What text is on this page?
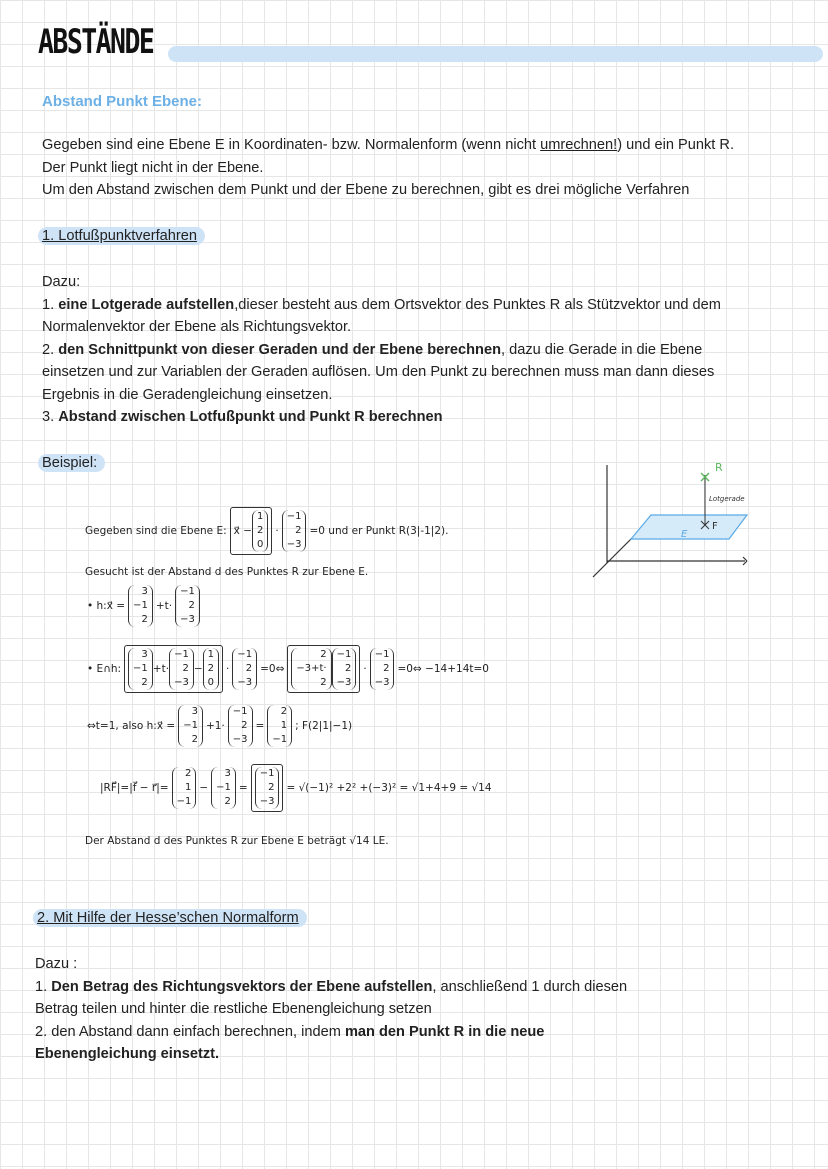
ABSTÄNDE
Abstand Punkt Ebene:
Gegeben sind eine Ebene E in Koordinaten- bzw. Normalenform (wenn nicht umrechnen!) und ein Punkt R.
Der Punkt liegt nicht in der Ebene.
Um den Abstand zwischen dem Punkt und der Ebene zu berechnen, gibt es drei mögliche Verfahren
1. Lotfußpunktverfahren
Dazu:
1. eine Lotgerade aufstellen,dieser besteht aus dem Ortsvektor des Punktes R als Stützvektor und dem
Normalenvektor der Ebene als Richtungsvektor.
2. den Schnittpunkt von dieser Geraden und der Ebene berechnen, dazu die Gerade in die Ebene
einsetzen und zur Variablen der Geraden auflösen. Um den Punkt zu berechnen muss man dann dieses
Ergebnis in die Geradengleichung einsetzen.
3. Abstand zwischen Lotfußpunkt und Punkt R berechnen
Beispiel:	R
Lotgerade
F
E
Gegeben sind die Ebene E: x⃗ −
1
2
0
·
−1
2
−3
=0 und er Punkt R(3|-1|2).
Gesucht ist der Abstand d des Punktes R zur Ebene E.
• h:x⃗ =
3
−1
2
+t·
−1
2
−3
• E∩h:
3
−1
2
+t·
−1
2
−3
−
1
2
0
·
−1
2
−3
=0⇔
2
−3+t·
2
−1
2
−3
·
−1
2
−3
=0⇔ −14+14t=0
⇔t=1, also h:x⃗ =
3
−1
2
+1·
−1
2
−3
=
2
1
−1
; F(2|1|−1)
|RF⃗|=|f⃗ − r⃗|=
2
1
−1
−
3
−1
2
=
−1
2
−3
= √(−1)² +2² +(−3)² = √1+4+9 = √14
Der Abstand d des Punktes R zur Ebene E beträgt √14 LE.
2. Mit Hilfe der Hesse’schen Normalform
Dazu :
1. Den Betrag des Richtungsvektors der Ebene aufstellen, anschließend 1 durch diesen
Betrag teilen und hinter die restliche Ebenengleichung setzen
2. den Abstand dann einfach berechnen, indem man den Punkt R in die neue
Ebenengleichung einsetzt.
